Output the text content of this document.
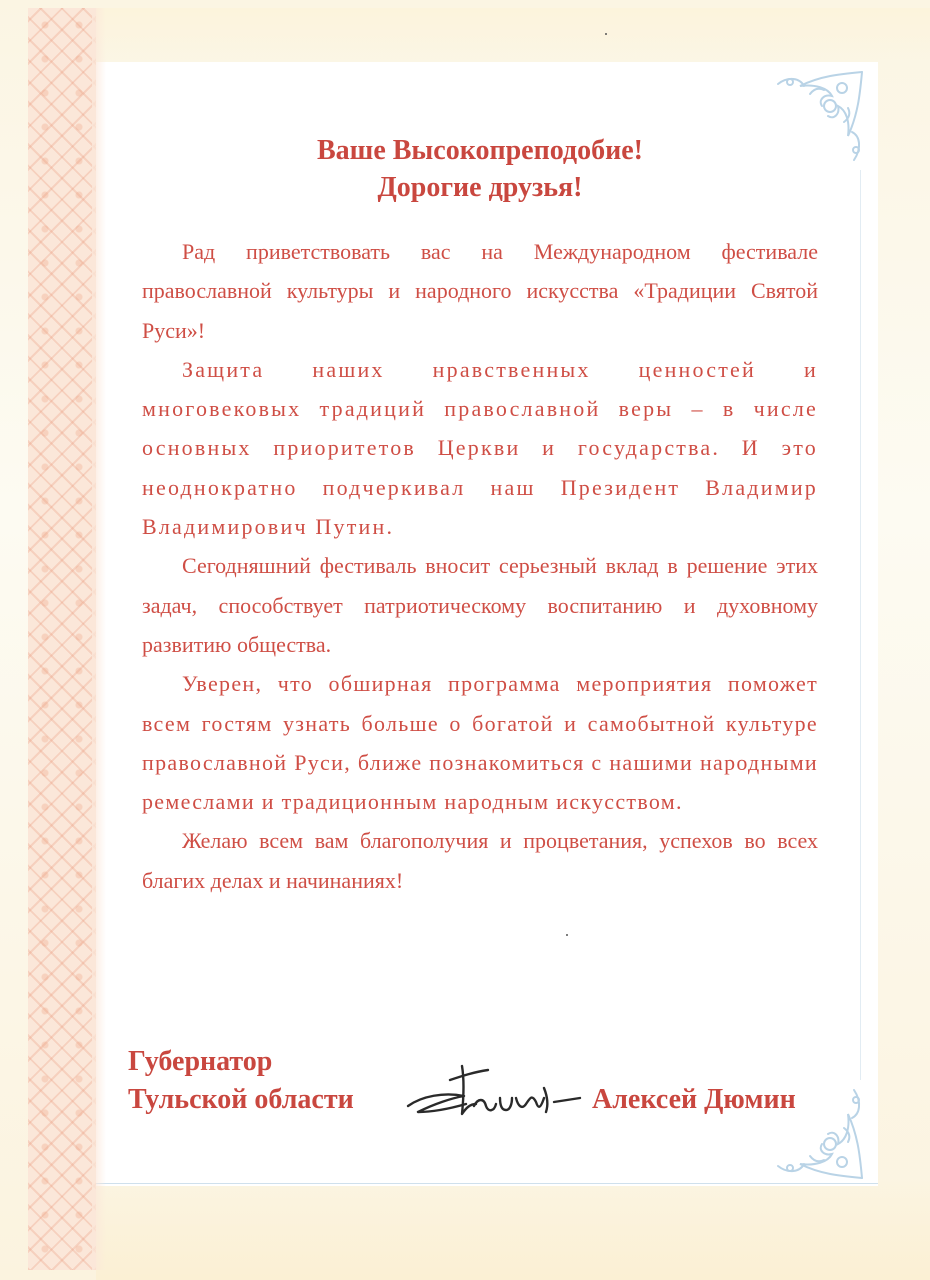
Ваше Высокопреподобие!
Дорогие друзья!

Рад приветствовать вас на Международном фестивале православной культуры и народного искусства «Традиции Святой Руси»!

Защита наших нравственных ценностей и многовековых традиций православной веры – в числе основных приоритетов Церкви и государства. И это неоднократно подчеркивал наш Президент Владимир Владимирович Путин.

Сегодняшний фестиваль вносит серьезный вклад в решение этих задач, способствует патриотическому воспитанию и духовному развитию общества.

Уверен, что обширная программа мероприятия поможет всем гостям узнать больше о богатой и самобытной культуре православной Руси, ближе познакомиться с нашими народными ремеслами и традиционным народным искусством.

Желаю всем вам благополучия и процветания, успехов во всех благих делах и начинаниях!

Губернатор
Тульской области	Алексей Дюмин
